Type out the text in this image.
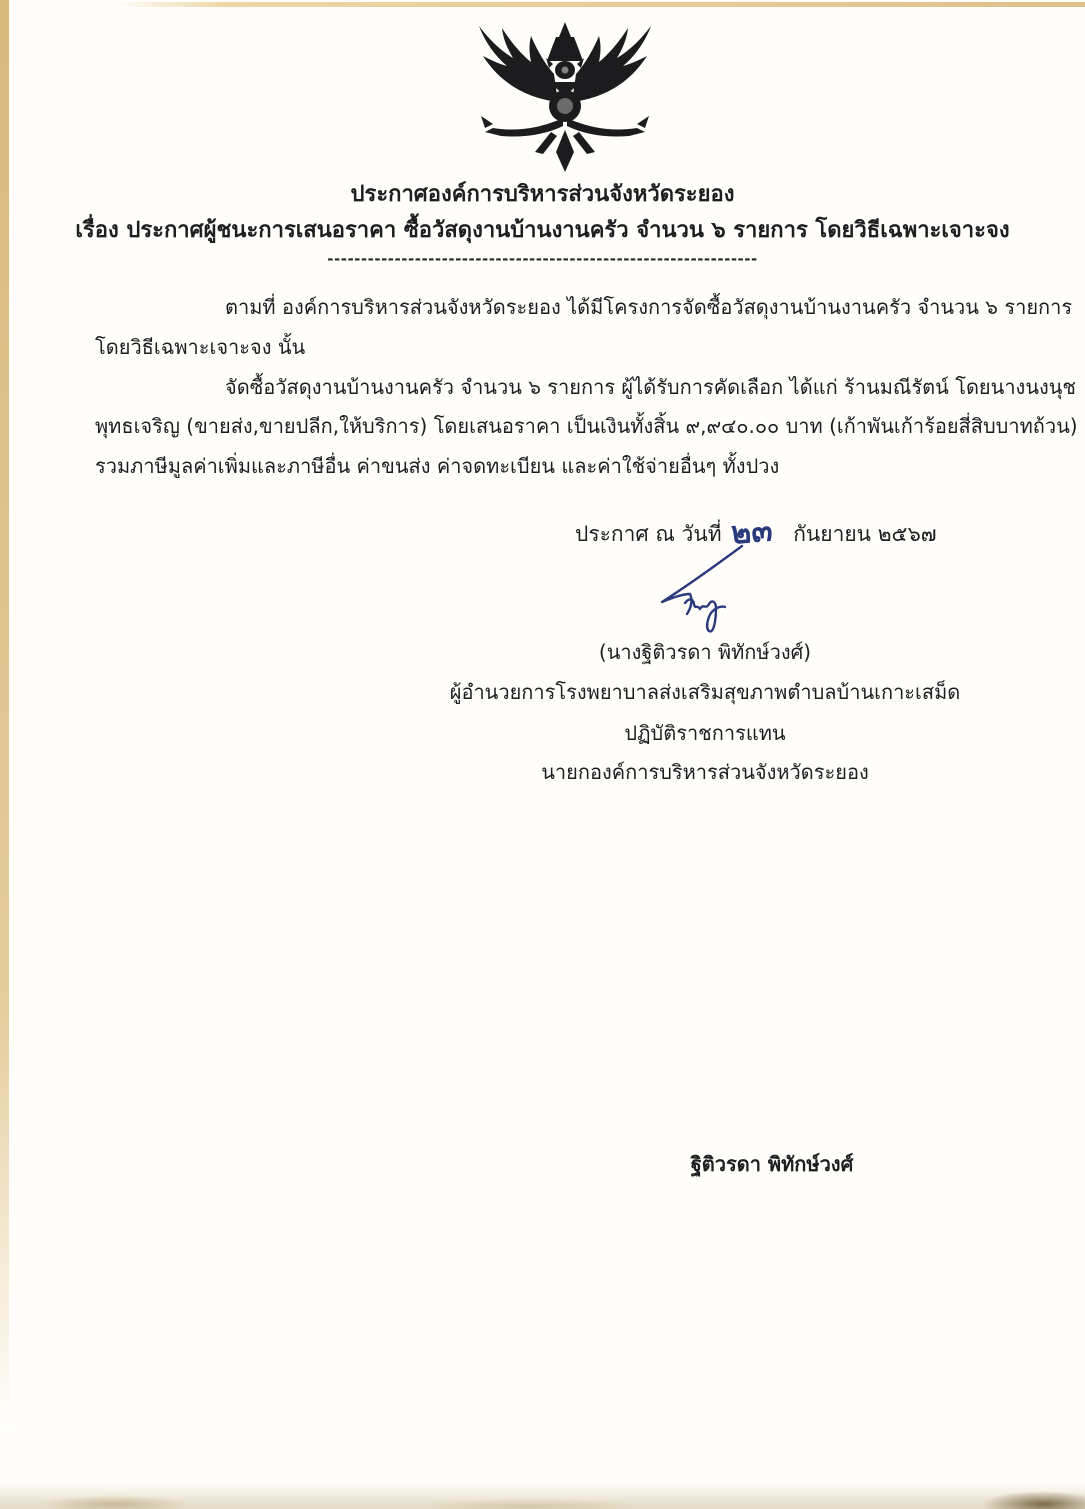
ประกาศองค์การบริหารส่วนจังหวัดระยอง
เรื่อง ประกาศผู้ชนะการเสนอราคา ซื้อวัสดุงานบ้านงานครัว จำนวน ๖ รายการ โดยวิธีเฉพาะเจาะจง
----------------------------------------------------------------
ตามที่ องค์การบริหารส่วนจังหวัดระยอง ได้มีโครงการจัดซื้อวัสดุงานบ้านงานครัว จำนวน ๖ รายการ
โดยวิธีเฉพาะเจาะจง นั้น
จัดซื้อวัสดุงานบ้านงานครัว จำนวน ๖ รายการ ผู้ได้รับการคัดเลือก ได้แก่ ร้านมณีรัตน์ โดยนางนงนุช
พุทธเจริญ (ขายส่ง,ขายปลีก,ให้บริการ) โดยเสนอราคา เป็นเงินทั้งสิ้น ๙,๙๔๐.๐๐ บาท (เก้าพันเก้าร้อยสี่สิบบาทถ้วน)
รวมภาษีมูลค่าเพิ่มและภาษีอื่น ค่าขนส่ง ค่าจดทะเบียน และค่าใช้จ่ายอื่นๆ ทั้งปวง
ประกาศ ณ วันที่ ๒๓ กันยายน ๒๕๖๗
(นางฐิติวรดา พิทักษ์วงศ์)
ผู้อำนวยการโรงพยาบาลส่งเสริมสุขภาพตำบลบ้านเกาะเสม็ด
ปฏิบัติราชการแทน
นายกองค์การบริหารส่วนจังหวัดระยอง
ฐิติวรดา พิทักษ์วงศ์
